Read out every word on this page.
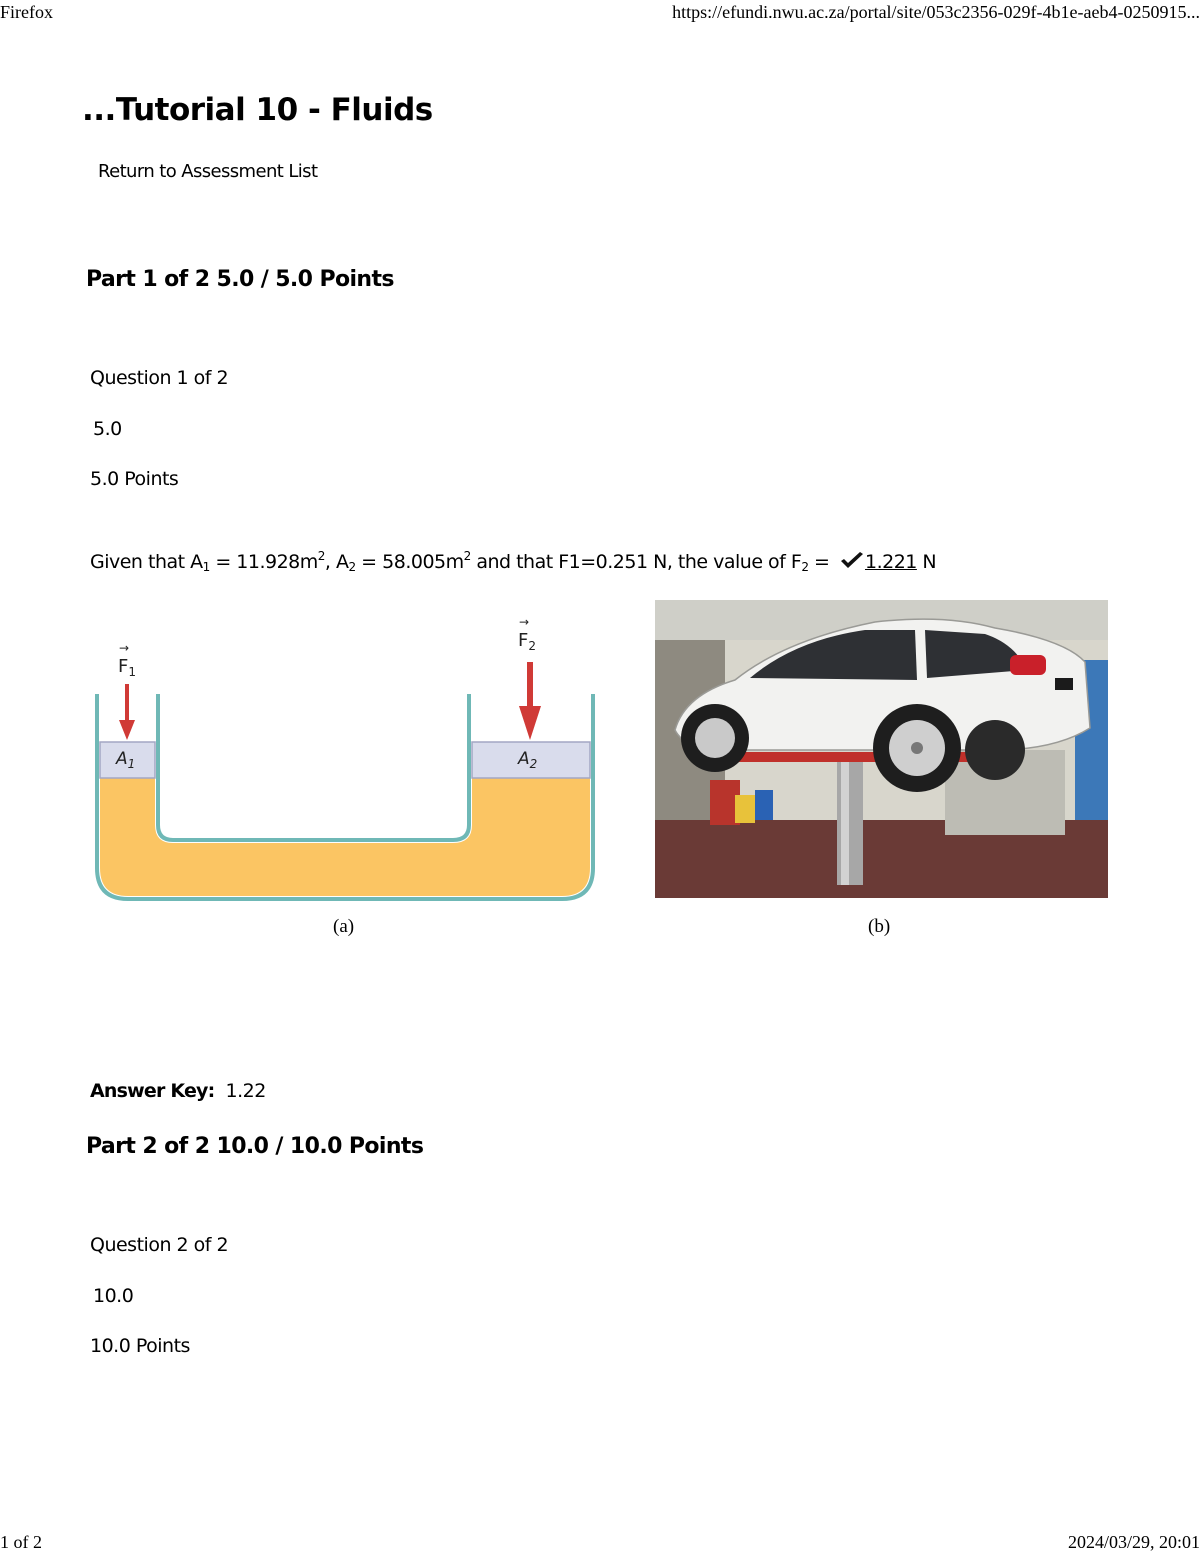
Firefox	https://efundi.nwu.ac.za/portal/site/053c2356-029f-4b1e-aeb4-0250915...
1 of 2	2024/03/29, 20:01
...Tutorial 10 - Fluids
Return to Assessment List
Part 1 of 2 5.0 / 5.0 Points
Question 1 of 2
5.0
5.0 Points
Given that $A_1 = 11.928m^2$, $A_2 = 58.005m^2$ and that F1=0.251 N, the value of $F_2 = 1.221$ N
$F_1$
→	$F_2$
→
$A_1$	$A_2$
(a)	(b)
Answer Key: 1.22
Part 2 of 2 10.0 / 10.0 Points
Question 2 of 2
10.0
10.0 Points
